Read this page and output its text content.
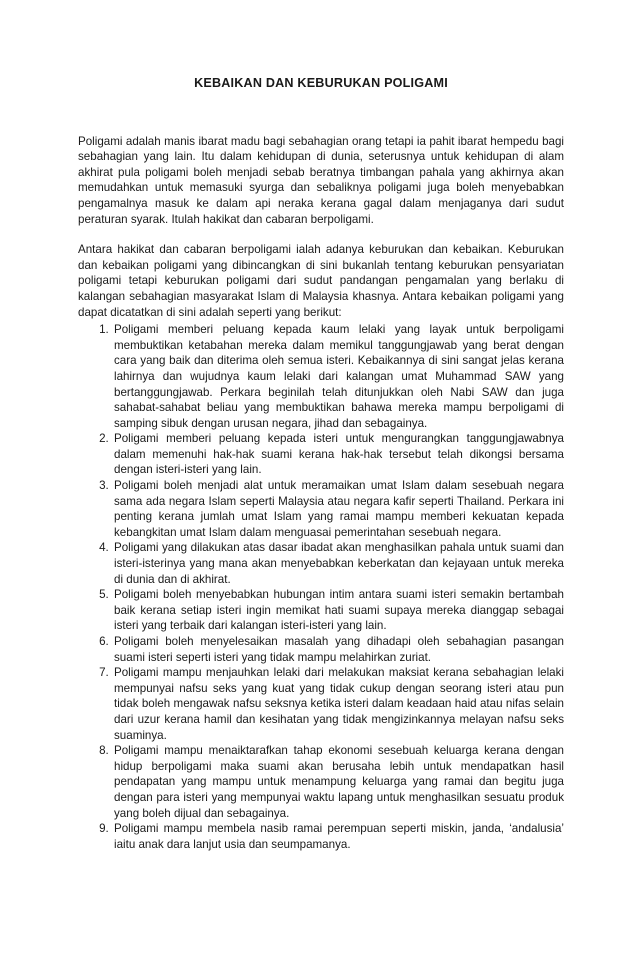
KEBAIKAN DAN KEBURUKAN POLIGAMI

Poligami adalah manis ibarat madu bagi sebahagian orang tetapi ia pahit ibarat hempedu bagi sebahagian yang lain. Itu dalam kehidupan di dunia, seterusnya untuk kehidupan di alam akhirat pula poligami boleh menjadi sebab beratnya timbangan pahala yang akhirnya akan memudahkan untuk memasuki syurga dan sebaliknya poligami juga boleh menyebabkan pengamalnya masuk ke dalam api neraka kerana gagal dalam menjaganya dari sudut peraturan syarak. Itulah hakikat dan cabaran berpoligami.

Antara hakikat dan cabaran berpoligami ialah adanya keburukan dan kebaikan. Keburukan dan kebaikan poligami yang dibincangkan di sini bukanlah tentang keburukan pensyariatan poligami tetapi keburukan poligami dari sudut pandangan pengamalan yang berlaku di kalangan sebahagian masyarakat Islam di Malaysia khasnya. Antara kebaikan poligami yang dapat dicatatkan di sini adalah seperti yang berikut:

1. Poligami memberi peluang kepada kaum lelaki yang layak untuk berpoligami membuktikan ketabahan mereka dalam memikul tanggungjawab yang berat dengan cara yang baik dan diterima oleh semua isteri. Kebaikannya di sini sangat jelas kerana lahirnya dan wujudnya kaum lelaki dari kalangan umat Muhammad SAW yang bertanggungjawab. Perkara beginilah telah ditunjukkan oleh Nabi SAW dan juga sahabat-sahabat beliau yang membuktikan bahawa mereka mampu berpoligami di samping sibuk dengan urusan negara, jihad dan sebagainya.
2. Poligami memberi peluang kepada isteri untuk mengurangkan tanggungjawabnya dalam memenuhi hak-hak suami kerana hak-hak tersebut telah dikongsi bersama dengan isteri-isteri yang lain.
3. Poligami boleh menjadi alat untuk meramaikan umat Islam dalam sesebuah negara sama ada negara Islam seperti Malaysia atau negara kafir seperti Thailand. Perkara ini penting kerana jumlah umat Islam yang ramai mampu memberi kekuatan kepada kebangkitan umat Islam dalam menguasai pemerintahan sesebuah negara.
4. Poligami yang dilakukan atas dasar ibadat akan menghasilkan pahala untuk suami dan isteri-isterinya yang mana akan menyebabkan keberkatan dan kejayaan untuk mereka di dunia dan di akhirat.
5. Poligami boleh menyebabkan hubungan intim antara suami isteri semakin bertambah baik kerana setiap isteri ingin memikat hati suami supaya mereka dianggap sebagai isteri yang terbaik dari kalangan isteri-isteri yang lain.
6. Poligami boleh menyelesaikan masalah yang dihadapi oleh sebahagian pasangan suami isteri seperti isteri yang tidak mampu melahirkan zuriat.
7. Poligami mampu menjauhkan lelaki dari melakukan maksiat kerana sebahagian lelaki mempunyai nafsu seks yang kuat yang tidak cukup dengan seorang isteri atau pun tidak boleh mengawak nafsu seksnya ketika isteri dalam keadaan haid atau nifas selain dari uzur kerana hamil dan kesihatan yang tidak mengizinkannya melayan nafsu seks suaminya.
8. Poligami mampu menaiktarafkan tahap ekonomi sesebuah keluarga kerana dengan hidup berpoligami maka suami akan berusaha lebih untuk mendapatkan hasil pendapatan yang mampu untuk menampung keluarga yang ramai dan begitu juga dengan para isteri yang mempunyai waktu lapang untuk menghasilkan sesuatu produk yang boleh dijual dan sebagainya.
9. Poligami mampu membela nasib ramai perempuan seperti miskin, janda, ‘andalusia’ iaitu anak dara lanjut usia dan seumpamanya.
